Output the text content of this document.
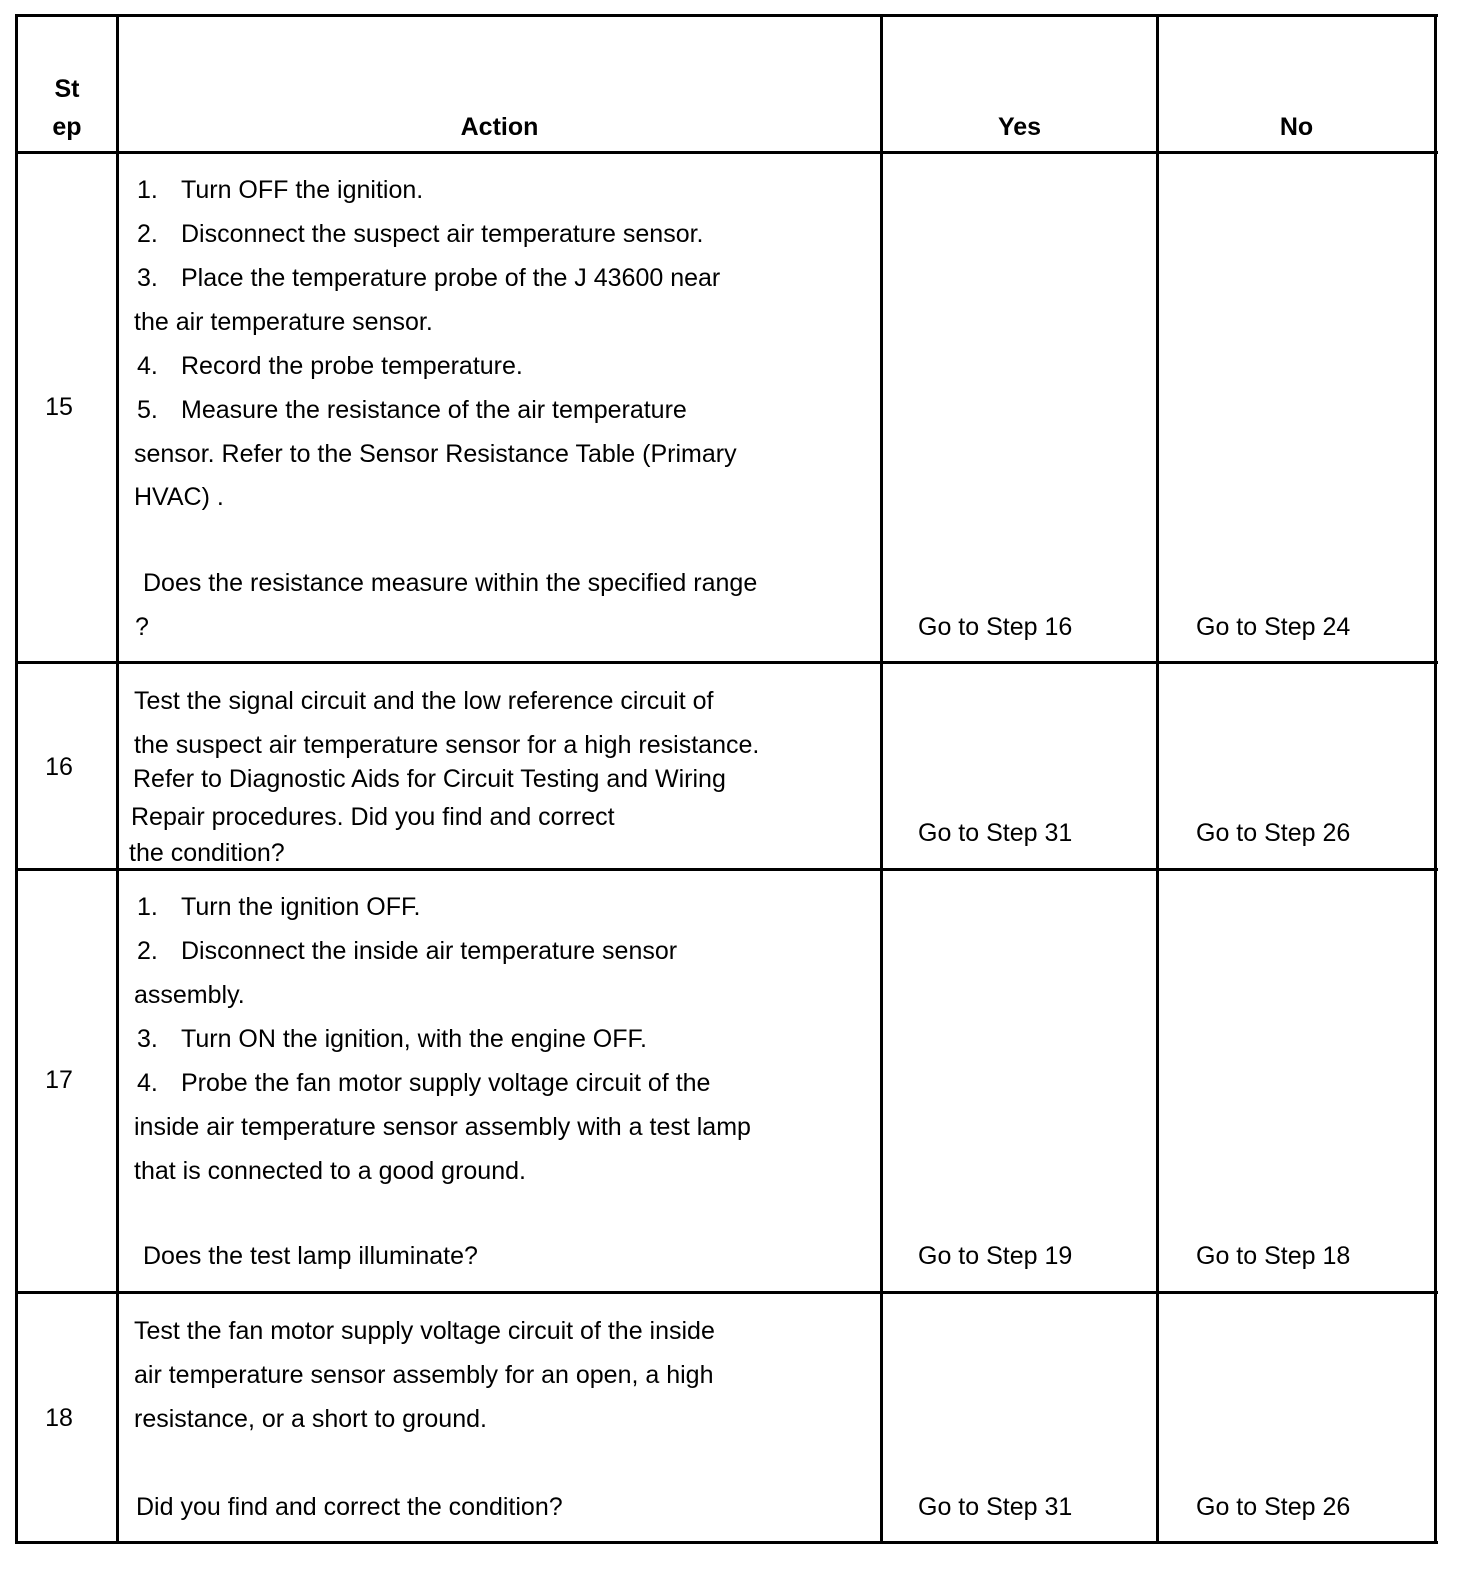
St
ep	Action	Yes	No
15
1. Turn OFF the ignition.
2. Disconnect the suspect air temperature sensor.
3. Place the temperature probe of the J 43600 near
the air temperature sensor.
4. Record the probe temperature.
5. Measure the resistance of the air temperature
sensor. Refer to the Sensor Resistance Table (Primary
HVAC) .
Does the resistance measure within the specified range
?	Go to Step 16	Go to Step 24
16
Test the signal circuit and the low reference circuit of
the suspect air temperature sensor for a high resistance.
Refer to Diagnostic Aids for Circuit Testing and Wiring
Repair procedures. Did you find and correct
the condition?
Go to Step 31	Go to Step 26
17
1. Turn the ignition OFF.
2. Disconnect the inside air temperature sensor
assembly.
3. Turn ON the ignition, with the engine OFF.
4. Probe the fan motor supply voltage circuit of the
inside air temperature sensor assembly with a test lamp
that is connected to a good ground.
Does the test lamp illuminate?	Go to Step 19	Go to Step 18
18
Test the fan motor supply voltage circuit of the inside
air temperature sensor assembly for an open, a high
resistance, or a short to ground.
Did you find and correct the condition?	Go to Step 31	Go to Step 26
